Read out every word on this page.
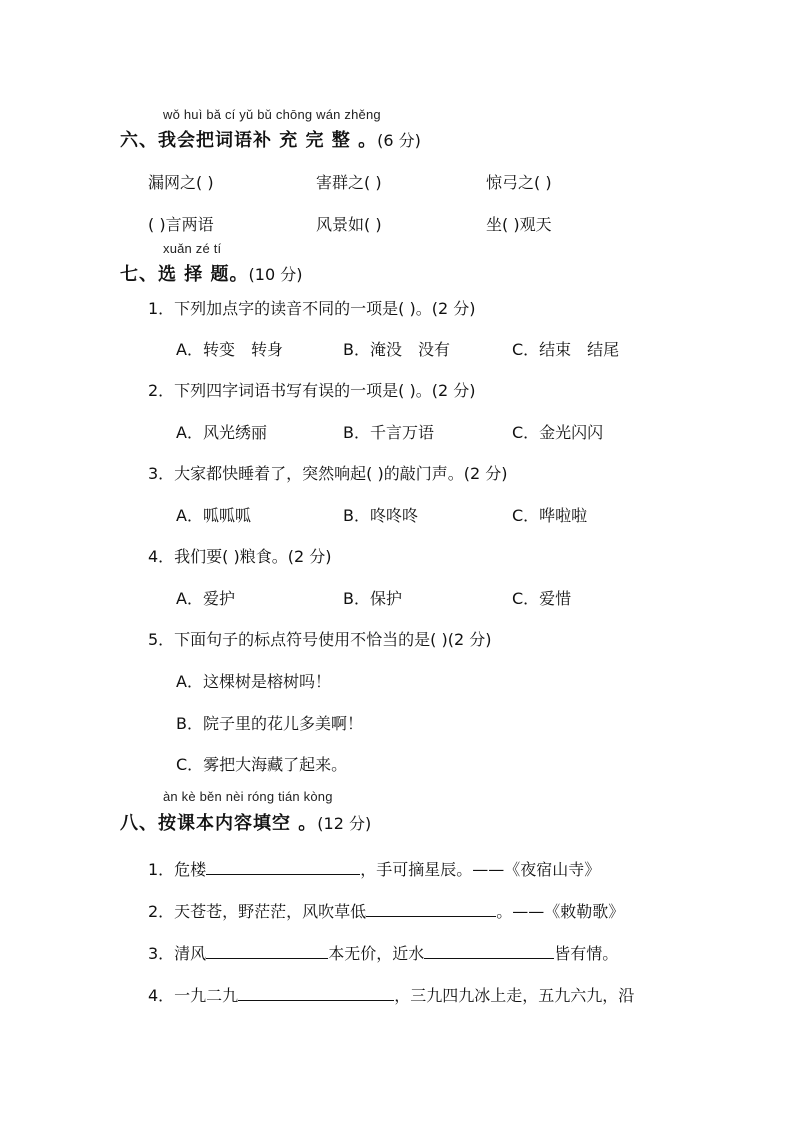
wǒ huì bǎ cí yǔ bǔ chōng wán zhěng
六、我会把词语补 充 完 整 。(6 分)
漏网之( )	害群之( )	惊弓之( )
( )言两语	风景如( )	坐( )观天
xuǎn zé tí
七、选 择 题。(10 分)
1．下列加点字的读音不同的一项是( )。(2 分)
A．转变　转身	B．淹没　没有	C．结束　结尾
2．下列四字词语书写有误的一项是( )。(2 分)
A．风光绣丽	B．千言万语	C．金光闪闪
3．大家都快睡着了，突然响起( )的敲门声。(2 分)
A．呱呱呱	B．咚咚咚	C．哗啦啦
4．我们要( )粮食。(2 分)
A．爱护	B．保护	C．爱惜
5．下面句子的标点符号使用不恰当的是( )(2 分)
A．这棵树是榕树吗！
B．院子里的花儿多美啊！
C．雾把大海藏了起来。
àn kè běn nèi róng tián kòng
八、按课本内容填空 。(12 分)
1．危楼	，手可摘星辰。——《夜宿山寺》
2．天苍苍，野茫茫，风吹草低	。——《敕勒歌》
3．清风	本无价，近水	皆有情。
4．一九二九	，三九四九冰上走，五九六九，沿
